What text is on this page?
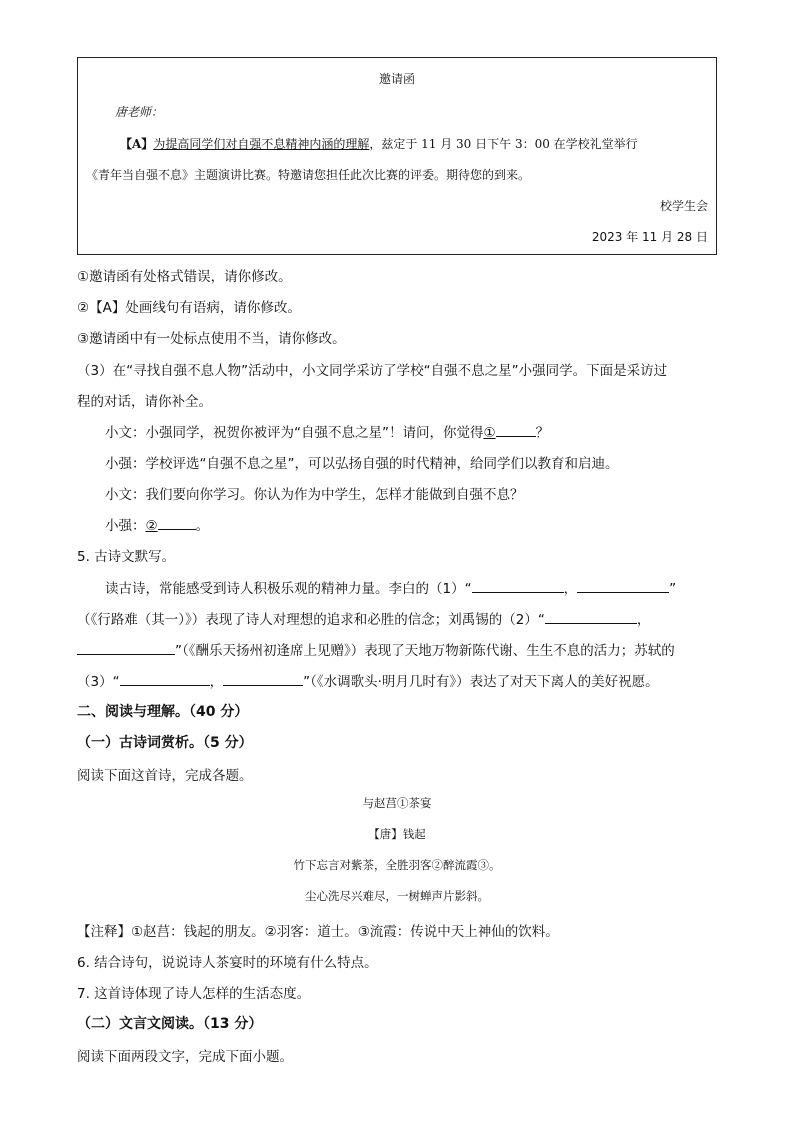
邀请函
唐老师：
【A】为提高同学们对自强不息精神内涵的理解，兹定于 11 月 30 日下午 3：00 在学校礼堂举行
《青年当自强不息》主题演讲比赛。特邀请您担任此次比赛的评委。期待您的到来。
校学生会
2023 年 11 月 28 日
①邀请函有处格式错误，请你修改。
②【A】处画线句有语病，请你修改。
③邀请函中有一处标点使用不当，请你修改。
（3）在“寻找自强不息人物”活动中，小文同学采访了学校“自强不息之星”小强同学。下面是采访过
程的对话，请你补全。
小文：小强同学，祝贺你被评为“自强不息之星”！请问，你觉得①	？
小强：学校评选“自强不息之星”，可以弘扬自强的时代精神，给同学们以教育和启迪。
小文：我们要向你学习。你认为作为中学生，怎样才能做到自强不息？
小强：②	。
5. 古诗文默写。
读古诗，常能感受到诗人积极乐观的精神力量。李白的（1）“	，	”
（《行路难（其一）》）表现了诗人对理想的追求和必胜的信念；刘禹锡的（2）“	，
”（《酬乐天扬州初逢席上见赠》）表现了天地万物新陈代谢、生生不息的活力；苏轼的
（3）“	，	”（《水调歌头·明月几时有》）表达了对天下离人的美好祝愿。
二、阅读与理解。（40 分）
（一）古诗词赏析。（5 分）
阅读下面这首诗，完成各题。
与赵莒①茶宴
【唐】钱起
竹下忘言对紫茶，全胜羽客②醉流霞③。
尘心洗尽兴难尽，一树蝉声片影斜。
【注释】①赵莒：钱起的朋友。②羽客：道士。③流霞：传说中天上神仙的饮料。
6. 结合诗句，说说诗人茶宴时的环境有什么特点。
7. 这首诗体现了诗人怎样的生活态度。
（二）文言文阅读。（13 分）
阅读下面两段文字，完成下面小题。
